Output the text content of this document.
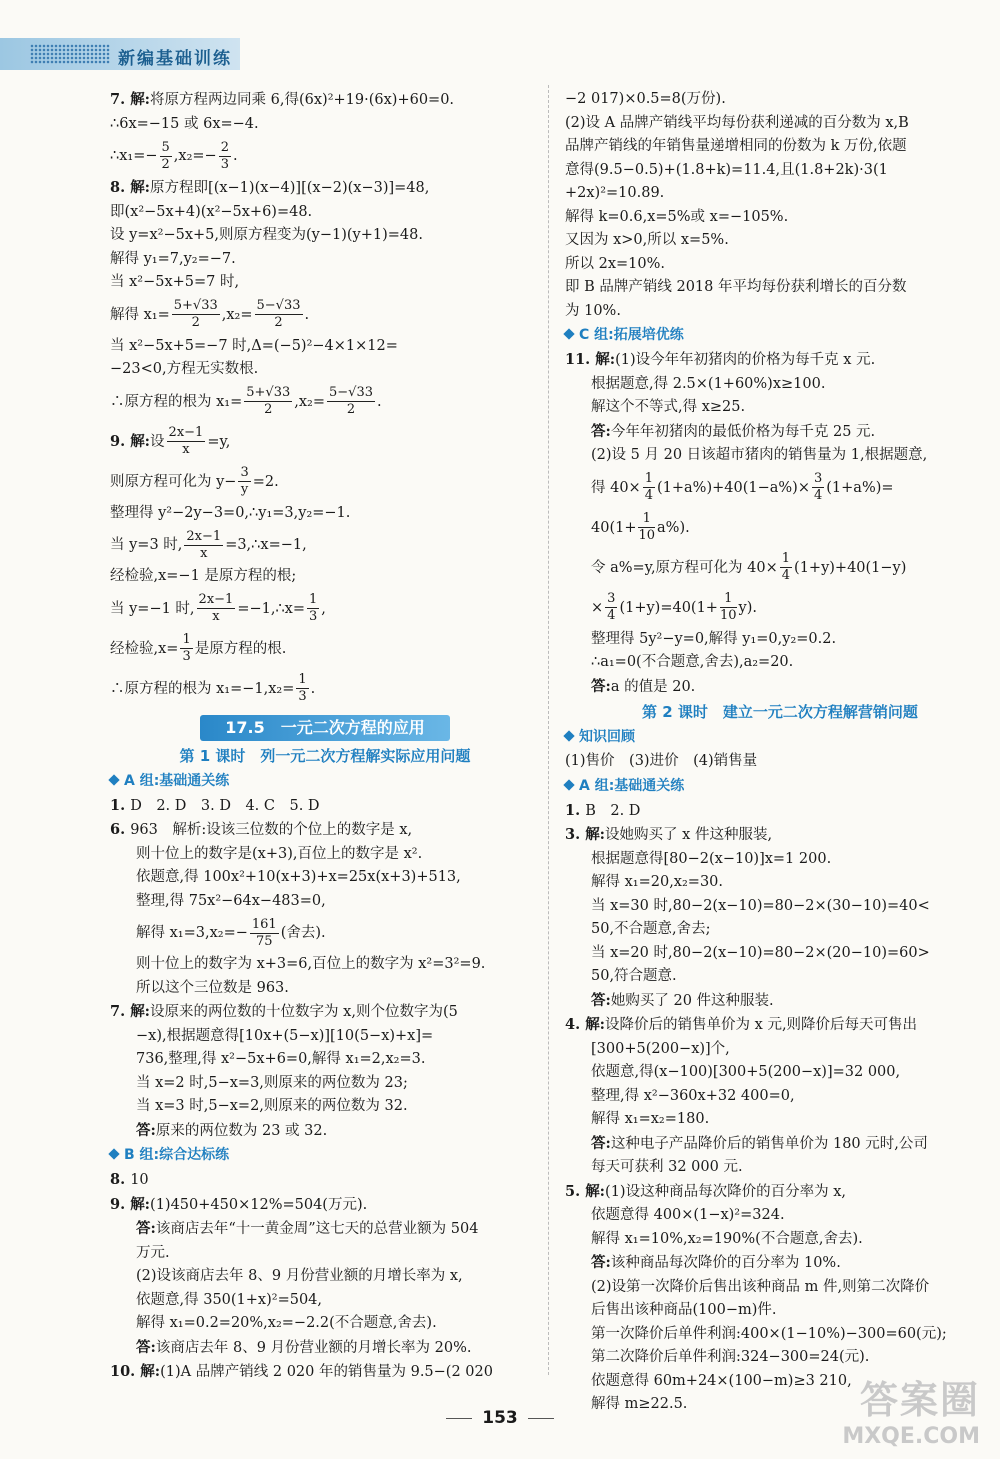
新编基础训练
7. 解:将原方程两边同乘 6,得(6x)²+19·(6x)+60=0.
∴6x=−15 或 6x=−4.
∴x₁=− $\frac{5}{2} ,x_2=- \frac{2}{3}$ .
8. 解:原方程即[(x−1)(x−4)][(x−2)(x−3)]=48,
即(x²−5x+4)(x²−5x+6)=48.
设 y=x²−5x+5,则原方程变为(y−1)(y+1)=48.
解得 y₁=7,y₂=−7.
当 x²−5x+5=7 时,
解得 $x_1= \frac{5+√33}{2} ,x_2= \frac{5-√33}{2}$ .
当 x²−5x+5=−7 时,Δ=(−5)²−4×1×12=
−23<0,方程无实数根.
∴原方程的根为 $x_1= \frac{5+√33}{2} ,x_2= \frac{5-√33}{2}$ .
9. 解:设 $\frac{2x-1}{x} =y$,
则原方程可化为 $y- \frac{3}{y} =2$.
整理得 y²−2y−3=0,∴y₁=3,y₂=−1.
当 y=3 时, $\frac{2x-1}{x}$ =3,∴x=−1,
经检验,x=−1 是原方程的根;
当 y=−1 时, $\frac{2x-1}{x}$ =−1,∴x= $\frac{1}{3}$ ,
经检验$,x= \frac{1}{3}$ 是原方程的根.
∴原方程的根为 $x_1=-1,x_2= \frac{1}{3}$ .
17.5　一元二次方程的应用
第 1 课时　列一元二次方程解实际应用问题
A 组:基础通关练
1. D　2. D　3. D　4. C　5. D
6. 963　解析:设该三位数的个位上的数字是 x,
则十位上的数字是(x+3),百位上的数字是 x².
依题意,得 100x²+10(x+3)+x=25x(x+3)+513,
整理,得 75x²−64x−483=0,
解得 $x_1=3,x_2=- \frac{161}{75}$ (舍去).
则十位上的数字为 x+3=6,百位上的数字为 x²=3²=9.
所以这个三位数是 963.
7. 解:设原来的两位数的十位数字为 x,则个位数字为(5
−x),根据题意得[10x+(5−x)][10(5−x)+x]=
736,整理,得 x²−5x+6=0,解得 x₁=2,x₂=3.
当 x=2 时,5−x=3,则原来的两位数为 23;
当 x=3 时,5−x=2,则原来的两位数为 32.
答:原来的两位数为 23 或 32.
B 组:综合达标练
8. 10
9. 解:(1)450+450×12%=504(万元).
答:该商店去年“十一黄金周”这七天的总营业额为 504
万元.
(2)设该商店去年 8、9 月份营业额的月增长率为 x,
依题意,得 350(1+x)²=504,
解得 x₁=0.2=20%,x₂=−2.2(不合题意,舍去).
答:该商店去年 8、9 月份营业额的月增长率为 20%.
10. 解:(1)A 品牌产销线 2 020 年的销售量为 9.5−(2 020
−2 017)×0.5=8(万份).
(2)设 A 品牌产销线平均每份获利递减的百分数为 x,B
品牌产销线的年销售量递增相同的份数为 k 万份,依题
意得(9.5−0.5)+(1.8+k)=11.4,且(1.8+2k)·3(1
+2x)²=10.89.
解得 k=0.6,x=5%或 x=−105%.
又因为 x>0,所以 x=5%.
所以 2x=10%.
即 B 品牌产销线 2018 年平均每份获利增长的百分数
为 10%.
C 组:拓展培优练
11. 解:(1)设今年年初猪肉的价格为每千克 x 元.
根据题意,得 2.5×(1+60%)x≥100.
解这个不等式,得 x≥25.
答:今年年初猪肉的最低价格为每千克 25 元.
(2)设 5 月 20 日该超市猪肉的销售量为 1,根据题意,
得 $40\times \frac{1}{4} (1+a\%)+40(1-a\%)\times \frac{3}{4} (1+a\%)=$
$40(1+ \frac{1}{10} a\%)$.
令 a%=y,原方程可化为 $40\times \frac{1}{4} (1+y)+40(1-y)$
× $\frac{3}{4} (1+y)=40(1+ \frac{1}{10} y)$.
整理得 5y²−y=0,解得 y₁=0,y₂=0.2.
∴a₁=0(不合题意,舍去),a₂=20.
答:a 的值是 20.
第 2 课时　建立一元二次方程解营销问题
知识回顾
(1)售价　(3)进价　(4)销售量
A 组:基础通关练
1. B　2. D
3. 解:设她购买了 x 件这种服装,
根据题意得[80−2(x−10)]x=1 200.
解得 x₁=20,x₂=30.
当 x=30 时,80−2(x−10)=80−2×(30−10)=40<
50,不合题意,舍去;
当 x=20 时,80−2(x−10)=80−2×(20−10)=60>
50,符合题意.
答:她购买了 20 件这种服装.
4. 解:设降价后的销售单价为 x 元,则降价后每天可售出
[300+5(200−x)]个,
依题意,得(x−100)[300+5(200−x)]=32 000,
整理,得 x²−360x+32 400=0,
解得 x₁=x₂=180.
答:这种电子产品降价后的销售单价为 180 元时,公司
每天可获利 32 000 元.
5. 解:(1)设这种商品每次降价的百分率为 x,
依题意得 400×(1−x)²=324.
解得 x₁=10%,x₂=190%(不合题意,舍去).
答:该种商品每次降价的百分率为 10%.
(2)设第一次降价后售出该种商品 m 件,则第二次降价
后售出该种商品(100−m)件.
第一次降价后单件利润:400×(1−10%)−300=60(元);
第二次降价后单件利润:324−300=24(元).
依题意得 60m+24×(100−m)≥3 210,
解得 m≥22.5.
153	答案圈
MXQE.COM
